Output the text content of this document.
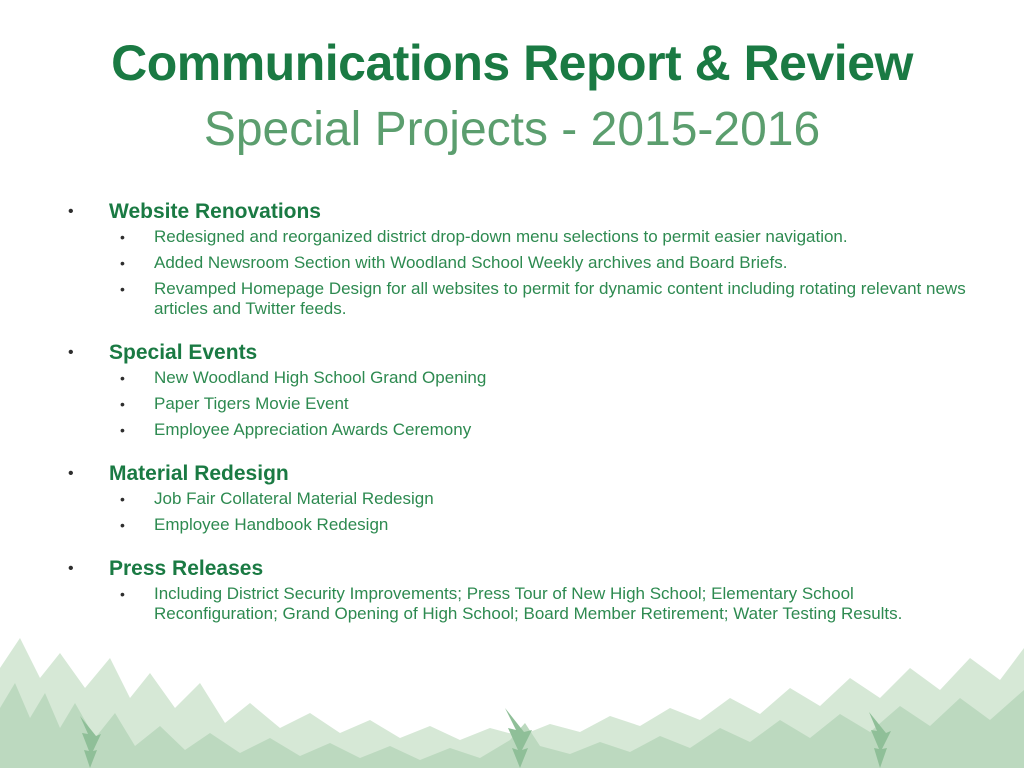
Communications Report & Review
Special Projects - 2015-2016
• Website Renovations
• Redesigned and reorganized district drop-down menu selections to permit easier navigation.
• Added Newsroom Section with Woodland School Weekly archives and Board Briefs.
• Revamped Homepage Design for all websites to permit for dynamic content including rotating relevant news articles and Twitter feeds.
• Special Events
• New Woodland High School Grand Opening
• Paper Tigers Movie Event
• Employee Appreciation Awards Ceremony
• Material Redesign
• Job Fair Collateral Material Redesign
• Employee Handbook Redesign
• Press Releases
• Including District Security Improvements; Press Tour of New High School; Elementary School Reconfiguration; Grand Opening of High School; Board Member Retirement; Water Testing Results.
